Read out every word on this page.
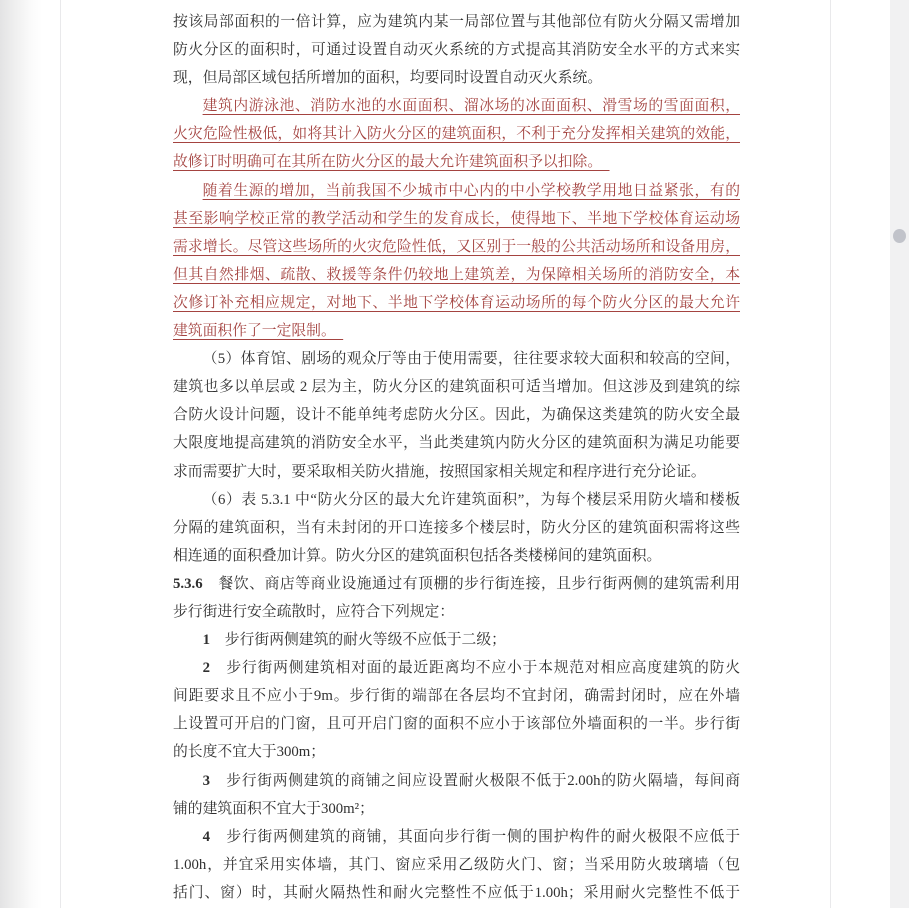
按该局部面积的一倍计算，应为建筑内某一局部位置与其他部位有防火分隔又需增加
防火分区的面积时，可通过设置自动灭火系统的方式提高其消防安全水平的方式来实
现，但局部区域包括所增加的面积，均要同时设置自动灭火系统。
建筑内游泳池、消防水池的水面面积、溜冰场的冰面面积、滑雪场的雪面面积，
火灾危险性极低，如将其计入防火分区的建筑面积，不利于充分发挥相关建筑的效能，
故修订时明确可在其所在防火分区的最大允许建筑面积予以扣除。　
随着生源的增加，当前我国不少城市中心内的中小学校教学用地日益紧张，有的
甚至影响学校正常的教学活动和学生的发育成长，使得地下、半地下学校体育运动场
需求增长。尽管这些场所的火灾危险性低，又区别于一般的公共活动场所和设备用房，
但其自然排烟、疏散、救援等条件仍较地上建筑差，为保障相关场所的消防安全，本
次修订补充相应规定，对地下、半地下学校体育运动场所的每个防火分区的最大允许
建筑面积作了一定限制。　
（5）体育馆、剧场的观众厅等由于使用需要，往往要求较大面积和较高的空间，
建筑也多以单层或 2 层为主，防火分区的建筑面积可适当增加。但这涉及到建筑的综
合防火设计问题，设计不能单纯考虑防火分区。因此，为确保这类建筑的防火安全最
大限度地提高建筑的消防安全水平，当此类建筑内防火分区的建筑面积为满足功能要
求而需要扩大时，要采取相关防火措施，按照国家相关规定和程序进行充分论证。
（6）表 5.3.1 中“防火分区的最大允许建筑面积”，为每个楼层采用防火墙和楼板
分隔的建筑面积，当有未封闭的开口连接多个楼层时，防火分区的建筑面积需将这些
相连通的面积叠加计算。防火分区的建筑面积包括各类楼梯间的建筑面积。
5.3.6　餐饮、商店等商业设施通过有顶棚的步行街连接，且步行街两侧的建筑需利用
步行街进行安全疏散时，应符合下列规定：
1　步行街两侧建筑的耐火等级不应低于二级；
2　步行街两侧建筑相对面的最近距离均不应小于本规范对相应高度建筑的防火
间距要求且不应小于9m。步行街的端部在各层均不宜封闭，确需封闭时，应在外墙
上设置可开启的门窗，且可开启门窗的面积不应小于该部位外墙面积的一半。步行街
的长度不宜大于300m；
3　步行街两侧建筑的商铺之间应设置耐火极限不低于2.00h的防火隔墙，每间商
铺的建筑面积不宜大于300m²；
4　步行街两侧建筑的商铺，其面向步行街一侧的围护构件的耐火极限不应低于
1.00h，并宜采用实体墙，其门、窗应采用乙级防火门、窗；当采用防火玻璃墙（包
括门、窗）时，其耐火隔热性和耐火完整性不应低于1.00h；采用耐火完整性不低于
